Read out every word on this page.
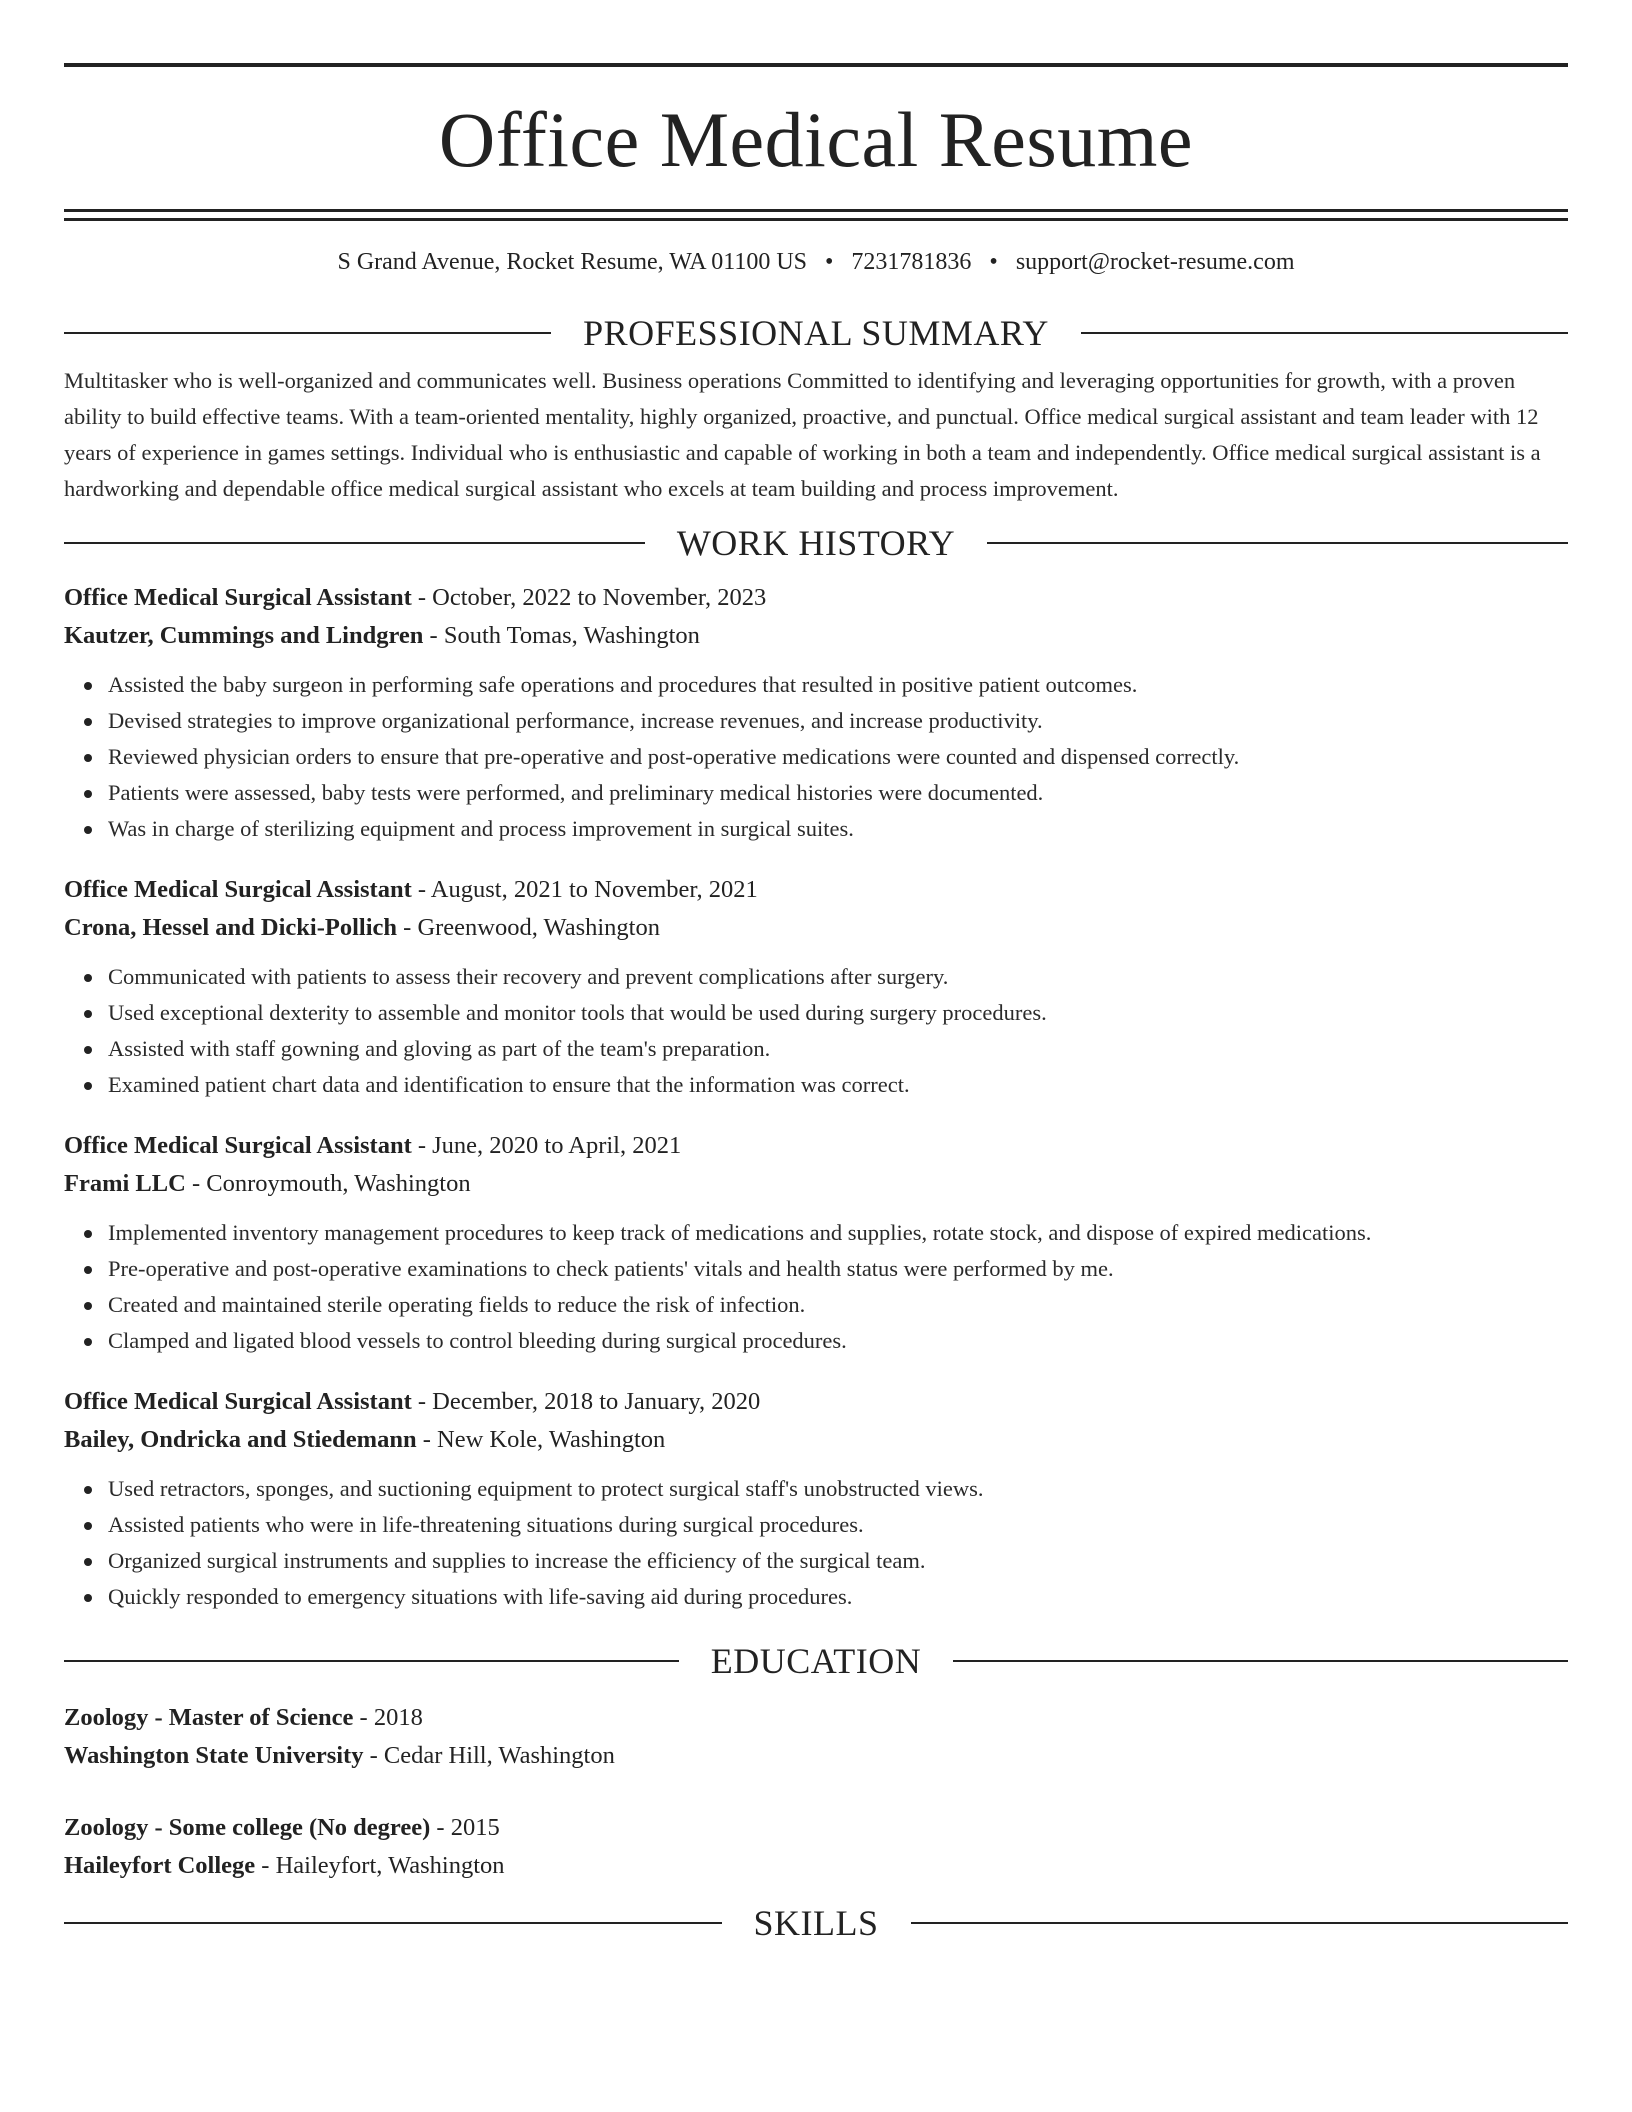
Office Medical Resume
S Grand Avenue, Rocket Resume, WA 01100 US • 7231781836 • support@rocket-resume.com
PROFESSIONAL SUMMARY
Multitasker who is well-organized and communicates well. Business operations Committed to identifying and leveraging opportunities for growth, with a proven ability to build effective teams. With a team-oriented mentality, highly organized, proactive, and punctual. Office medical surgical assistant and team leader with 12 years of experience in games settings. Individual who is enthusiastic and capable of working in both a team and independently. Office medical surgical assistant is a hardworking and dependable office medical surgical assistant who excels at team building and process improvement.
WORK HISTORY
Office Medical Surgical Assistant - October, 2022 to November, 2023
Kautzer, Cummings and Lindgren - South Tomas, Washington
Assisted the baby surgeon in performing safe operations and procedures that resulted in positive patient outcomes.
Devised strategies to improve organizational performance, increase revenues, and increase productivity.
Reviewed physician orders to ensure that pre-operative and post-operative medications were counted and dispensed correctly.
Patients were assessed, baby tests were performed, and preliminary medical histories were documented.
Was in charge of sterilizing equipment and process improvement in surgical suites.
Office Medical Surgical Assistant - August, 2021 to November, 2021
Crona, Hessel and Dicki-Pollich - Greenwood, Washington
Communicated with patients to assess their recovery and prevent complications after surgery.
Used exceptional dexterity to assemble and monitor tools that would be used during surgery procedures.
Assisted with staff gowning and gloving as part of the team's preparation.
Examined patient chart data and identification to ensure that the information was correct.
Office Medical Surgical Assistant - June, 2020 to April, 2021
Frami LLC - Conroymouth, Washington
Implemented inventory management procedures to keep track of medications and supplies, rotate stock, and dispose of expired medications.
Pre-operative and post-operative examinations to check patients' vitals and health status were performed by me.
Created and maintained sterile operating fields to reduce the risk of infection.
Clamped and ligated blood vessels to control bleeding during surgical procedures.
Office Medical Surgical Assistant - December, 2018 to January, 2020
Bailey, Ondricka and Stiedemann - New Kole, Washington
Used retractors, sponges, and suctioning equipment to protect surgical staff's unobstructed views.
Assisted patients who were in life-threatening situations during surgical procedures.
Organized surgical instruments and supplies to increase the efficiency of the surgical team.
Quickly responded to emergency situations with life-saving aid during procedures.
EDUCATION
Zoology - Master of Science - 2018
Washington State University - Cedar Hill, Washington
Zoology - Some college (No degree) - 2015
Haileyfort College - Haileyfort, Washington
SKILLS
